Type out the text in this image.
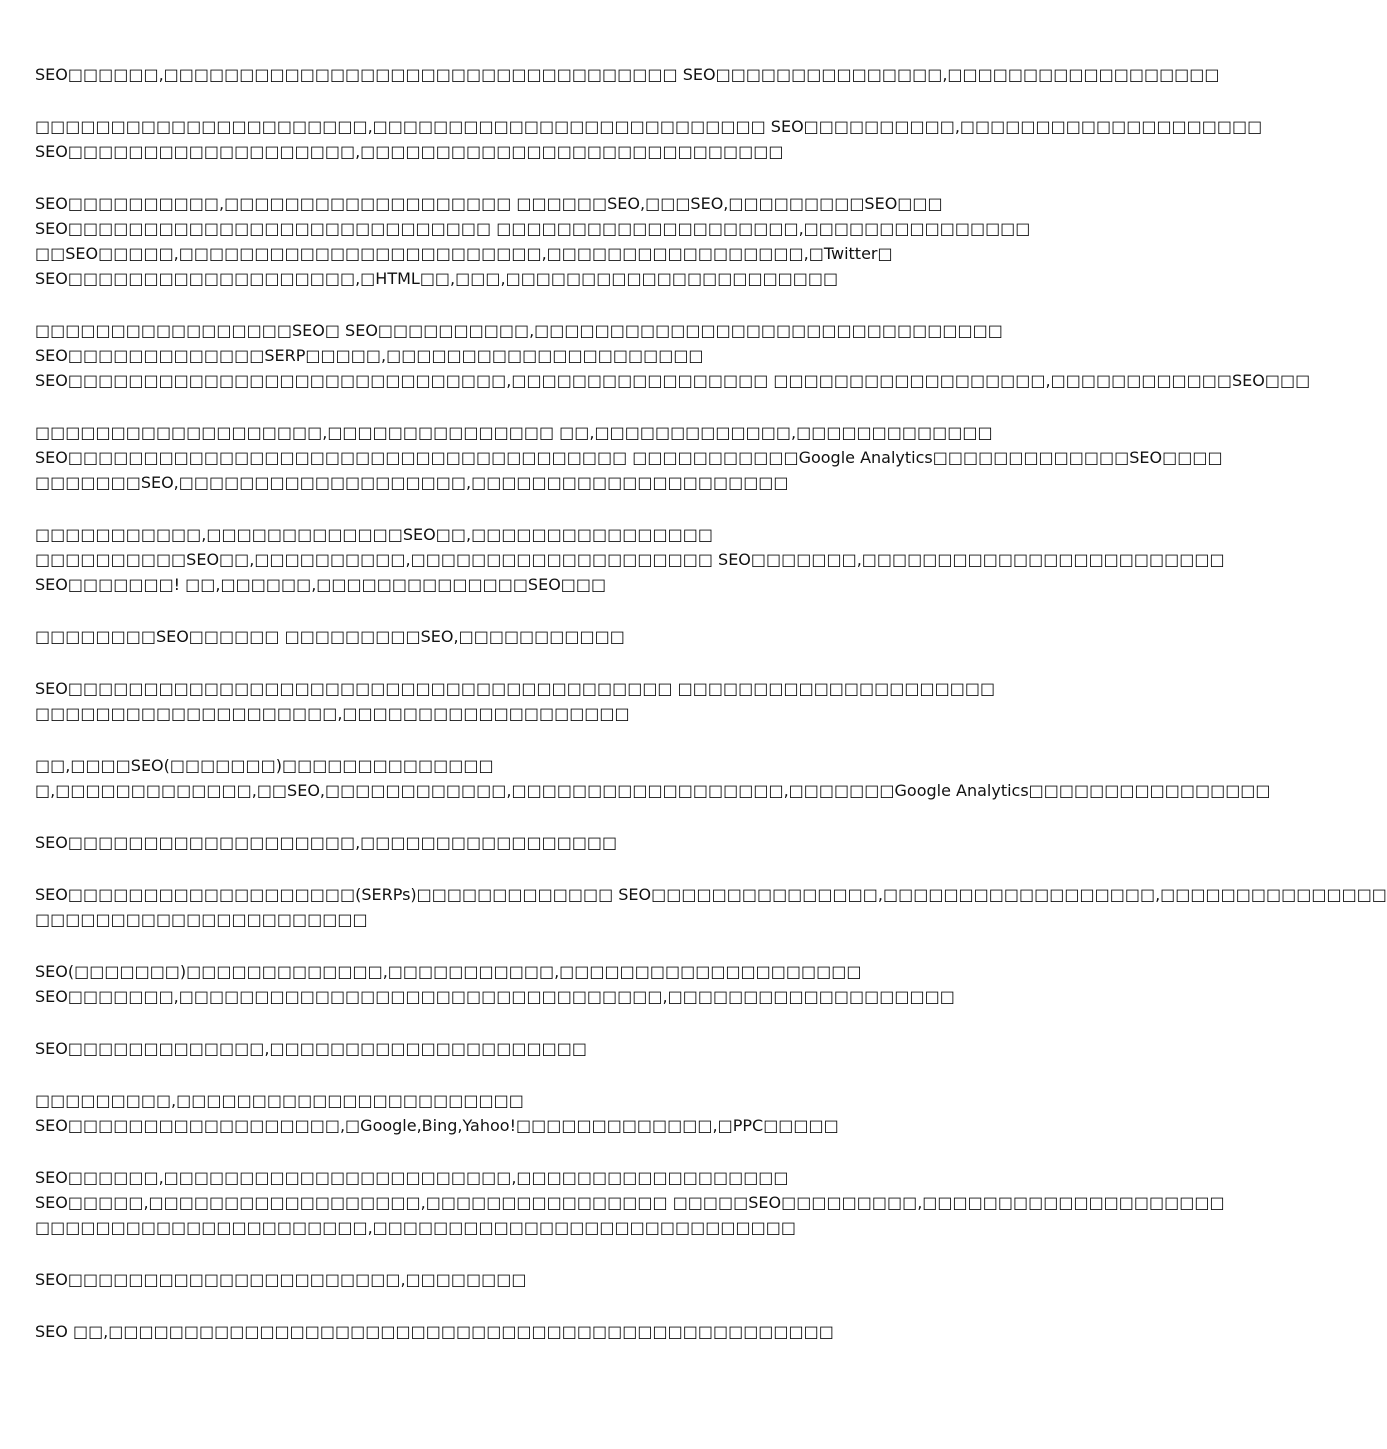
SEO□□□□□□,□□□□□□□□□□□□□□□□□□□□□□□□□□□□□□□□□□ SEO□□□□□□□□□□□□□□□,□□□□□□□□□□□□□□□□□□
□□□□□□□□□□□□□□□□□□□□□□,□□□□□□□□□□□□□□□□□□□□□□□□□□ SEO□□□□□□□□□□,□□□□□□□□□□□□□□□□□□□□
SEO□□□□□□□□□□□□□□□□□□□,□□□□□□□□□□□□□□□□□□□□□□□□□□□□
SEO□□□□□□□□□□,□□□□□□□□□□□□□□□□□□□ □□□□□□SEO,□□□SEO,□□□□□□□□□SEO□□□
SEO□□□□□□□□□□□□□□□□□□□□□□□□□□□□ □□□□□□□□□□□□□□□□□□□□,□□□□□□□□□□□□□□□
□□SEO□□□□□,□□□□□□□□□□□□□□□□□□□□□□□□,□□□□□□□□□□□□□□□□□,□Twitter□
SEO□□□□□□□□□□□□□□□□□□□,□HTML□□,□□□,□□□□□□□□□□□□□□□□□□□□□□
□□□□□□□□□□□□□□□□□SEO□ SEO□□□□□□□□□□,□□□□□□□□□□□□□□□□□□□□□□□□□□□□□□□
SEO□□□□□□□□□□□□□SERP□□□□□,□□□□□□□□□□□□□□□□□□□□□
SEO□□□□□□□□□□□□□□□□□□□□□□□□□□□□□,□□□□□□□□□□□□□□□□□ □□□□□□□□□□□□□□□□□□,□□□□□□□□□□□□SEO□□□
□□□□□□□□□□□□□□□□□□□,□□□□□□□□□□□□□□□ □□,□□□□□□□□□□□□□,□□□□□□□□□□□□□
SEO□□□□□□□□□□□□□□□□□□□□□□□□□□□□□□□□□□□□□ □□□□□□□□□□□Google Analytics□□□□□□□□□□□□□SEO□□□□
□□□□□□□SEO,□□□□□□□□□□□□□□□□□□□,□□□□□□□□□□□□□□□□□□□□□
□□□□□□□□□□□,□□□□□□□□□□□□□SEO□□,□□□□□□□□□□□□□□□□
□□□□□□□□□□SEO□□,□□□□□□□□□□,□□□□□□□□□□□□□□□□□□□□ SEO□□□□□□□,□□□□□□□□□□□□□□□□□□□□□□□□
SEO□□□□□□□! □□,□□□□□□,□□□□□□□□□□□□□□SEO□□□
□□□□□□□□SEO□□□□□□ □□□□□□□□□SEO,□□□□□□□□□□□
SEO□□□□□□□□□□□□□□□□□□□□□□□□□□□□□□□□□□□□□□□□ □□□□□□□□□□□□□□□□□□□□□
□□□□□□□□□□□□□□□□□□□□,□□□□□□□□□□□□□□□□□□□
□□,□□□□SEO(□□□□□□□)□□□□□□□□□□□□□□
□,□□□□□□□□□□□□□,□□SEO,□□□□□□□□□□□□,□□□□□□□□□□□□□□□□□□,□□□□□□□Google Analytics□□□□□□□□□□□□□□□□
SEO□□□□□□□□□□□□□□□□□□□,□□□□□□□□□□□□□□□□□
SEO□□□□□□□□□□□□□□□□□□□(SERPs)□□□□□□□□□□□□□ SEO□□□□□□□□□□□□□□□,□□□□□□□□□□□□□□□□□□,□□□□□□□□□□□□□□□
□□□□□□□□□□□□□□□□□□□□□□
SEO(□□□□□□□)□□□□□□□□□□□□□,□□□□□□□□□□□,□□□□□□□□□□□□□□□□□□□□
SEO□□□□□□□,□□□□□□□□□□□□□□□□□□□□□□□□□□□□□□□□,□□□□□□□□□□□□□□□□□□□
SEO□□□□□□□□□□□□□,□□□□□□□□□□□□□□□□□□□□□
□□□□□□□□□,□□□□□□□□□□□□□□□□□□□□□□□
SEO□□□□□□□□□□□□□□□□□□,□Google,Bing,Yahoo!□□□□□□□□□□□□□,□PPC□□□□□
SEO□□□□□□,□□□□□□□□□□□□□□□□□□□□□□□,□□□□□□□□□□□□□□□□□□
SEO□□□□□,□□□□□□□□□□□□□□□□□□,□□□□□□□□□□□□□□□□ □□□□□SEO□□□□□□□□□,□□□□□□□□□□□□□□□□□□□□
□□□□□□□□□□□□□□□□□□□□□□,□□□□□□□□□□□□□□□□□□□□□□□□□□□□
SEO□□□□□□□□□□□□□□□□□□□□□□,□□□□□□□□
SEO □□,□□□□□□□□□□□□□□□□□□□□□□□□□□□□□□□□□□□□□□□□□□□□□□□□
